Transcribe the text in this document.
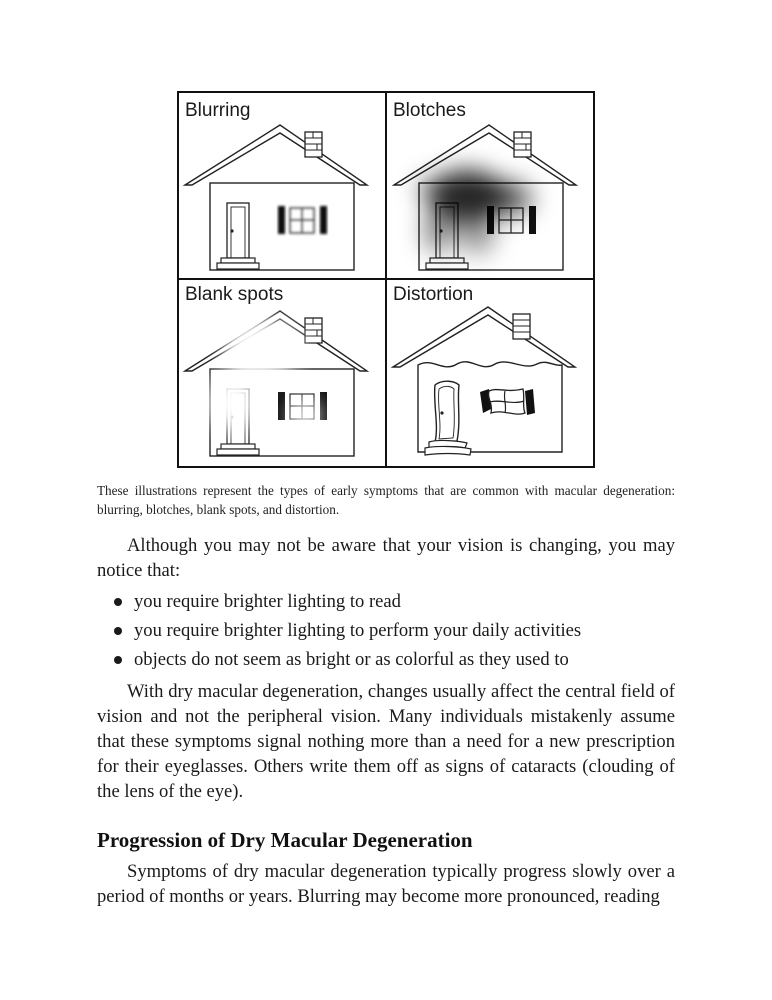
Blurring	Blotches
Blank spots	Distortion
These illustrations represent the types of early symptoms that are common with macular degeneration: blurring, blotches, blank spots, and distortion.
Although you may not be aware that your vision is changing, you may notice that:
you require brighter lighting to read
you require brighter lighting to perform your daily activities
objects do not seem as bright or as colorful as they used to
With dry macular degeneration, changes usually affect the central field of vision and not the peripheral vision. Many individuals mistakenly assume that these symptoms signal nothing more than a need for a new prescription for their eyeglasses. Others write them off as signs of cataracts (clouding of the lens of the eye).
Progression of Dry Macular Degeneration
Symptoms of dry macular degeneration typically progress slowly over a period of months or years. Blurring may become more pronounced, reading
